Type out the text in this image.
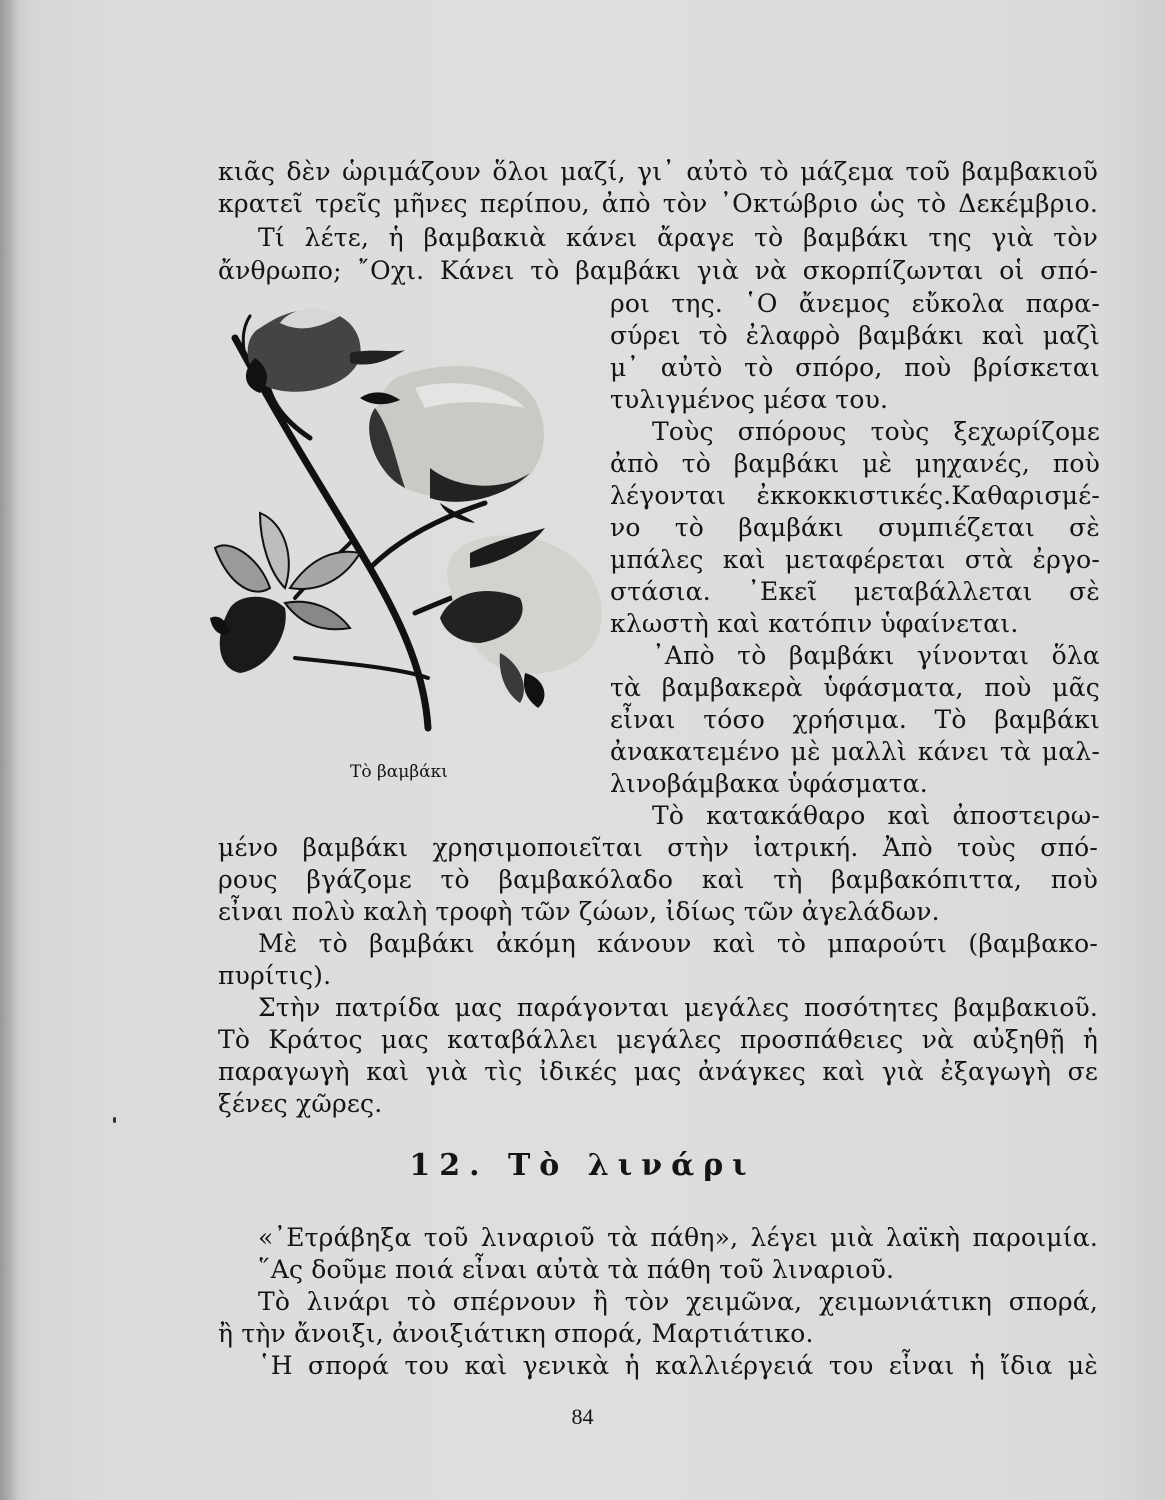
κιᾶς δὲν ὡριμάζουν ὅλοι μαζί, γι᾽ αὐτὸ τὸ μάζεμα τοῦ βαμβακιοῦ
κρατεῖ τρεῖς μῆνες περίπου, ἀπὸ τὸν ᾽Οκτώβριο ὡς τὸ Δεκέμβριο.
Τί λέτε, ἡ βαμβακιὰ κάνει ἄραγε τὸ βαμβάκι της γιὰ τὸν
ἄνθρωπο; ῎Οχι. Κάνει τὸ βαμβάκι γιὰ νὰ σκορπίζωνται οἱ σπό-
Τὸ βαμβάκι
ροι της. ῾Ο ἄνεμος εὔκολα παρα-
σύρει τὸ ἐλαφρὸ βαμβάκι καὶ μαζὶ
μ᾽ αὐτὸ τὸ σπόρο, ποὺ βρίσκεται
τυλιγμένος μέσα του.
Τοὺς σπόρους τοὺς ξεχωρίζομε
ἀπὸ τὸ βαμβάκι μὲ μηχανές, ποὺ
λέγονται ἐκκοκκιστικές.Καθαρισμέ-
νο τὸ βαμβάκι συμπιέζεται σὲ
μπάλες καὶ μεταφέρεται στὰ ἐργο-
στάσια. ᾽Εκεῖ μεταβάλλεται σὲ
κλωστὴ καὶ κατόπιν ὑφαίνεται.
᾽Απὸ τὸ βαμβάκι γίνονται ὅλα
τὰ βαμβακερὰ ὑφάσματα, ποὺ μᾶς
εἶναι τόσο χρήσιμα. Τὸ βαμβάκι
ἀνακατεμένο μὲ μαλλὶ κάνει τὰ μαλ-
λινοβάμβακα ὑφάσματα.
Τὸ κατακάθαρο καὶ ἀποστειρω-
μένο βαμβάκι χρησιμοποιεῖται στὴν ἰατρική. Ἀπὸ τοὺς σπό-
ρους βγάζομε τὸ βαμβακόλαδο καὶ τὴ βαμβακόπιττα, ποὺ
εἶναι πολὺ καλὴ τροφὴ τῶν ζώων, ἰδίως τῶν ἀγελάδων.
Μὲ τὸ βαμβάκι ἀκόμη κάνουν καὶ τὸ μπαρούτι (βαμβακο-
πυρίτις).
Στὴν πατρίδα μας παράγονται μεγάλες ποσότητες βαμβακιοῦ.
Τὸ Κράτος μας καταβάλλει μεγάλες προσπάθειες νὰ αὐξηθῇ ἡ
παραγωγὴ καὶ γιὰ τὶς ἰδικές μας ἀνάγκες καὶ γιὰ ἐξαγωγὴ σε
ξένες χῶρες.
12. Τὸ λινάρι
«᾽Ετράβηξα τοῦ λιναριοῦ τὰ πάθη», λέγει μιὰ λαϊκὴ παροιμία.
῞Ας δοῦμε ποιά εἶναι αὐτὰ τὰ πάθη τοῦ λιναριοῦ.
Τὸ λινάρι τὸ σπέρνουν ἢ τὸν χειμῶνα, χειμωνιάτικη σπορά,
ἢ τὴν ἄνοιξι, ἀνοιξιάτικη σπορά, Μαρτιάτικο.
῾Η σπορά του καὶ γενικὰ ἡ καλλιέργειά του εἶναι ἡ ἴδια μὲ
84
